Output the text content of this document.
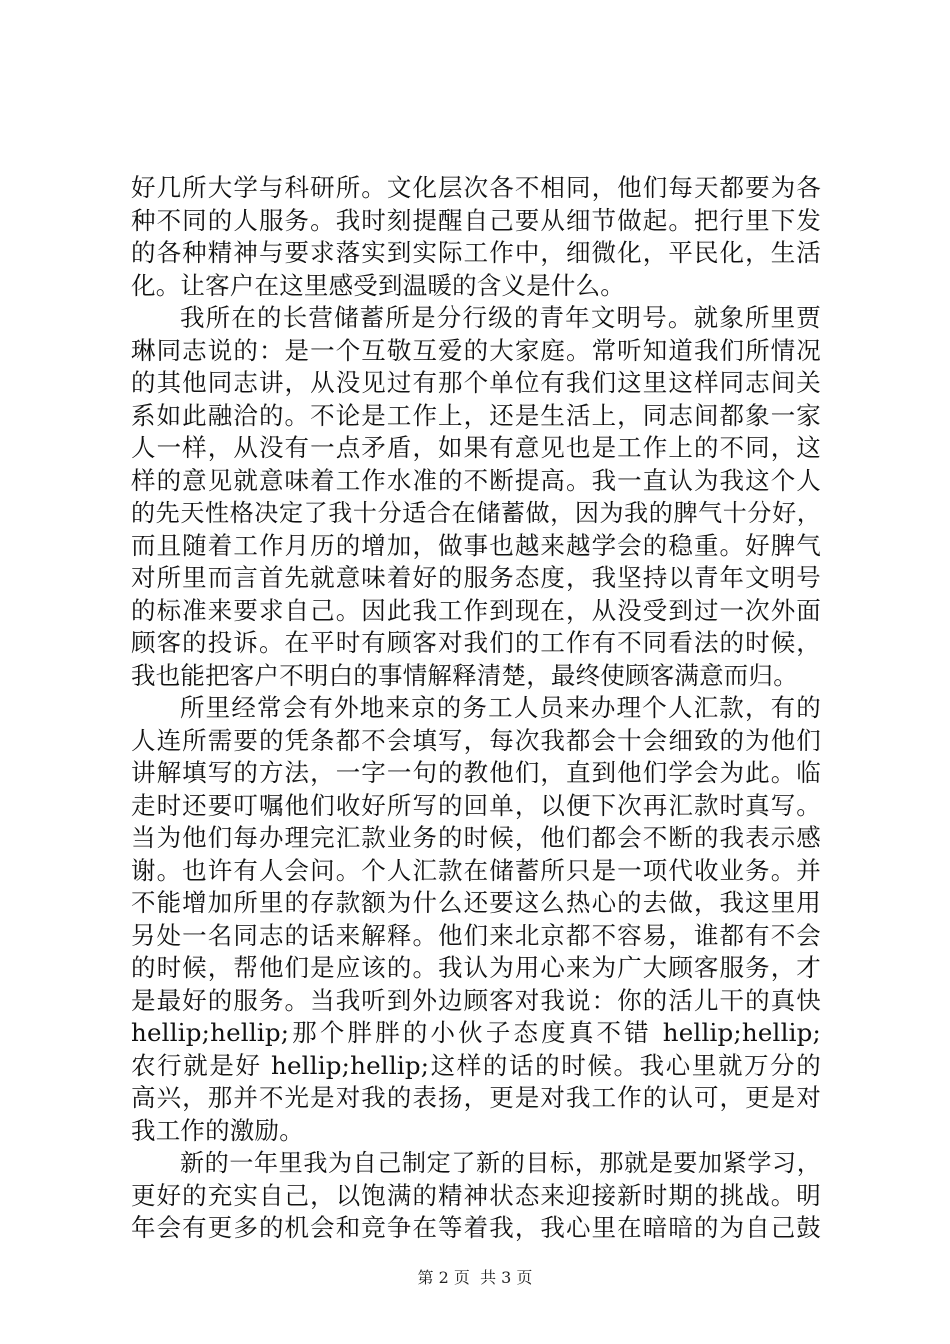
好几所大学与科研所。文化层次各不相同，他们每天都要为各
种不同的人服务。我时刻提醒自己要从细节做起。把行里下发
的各种精神与要求落实到实际工作中，细微化，平民化，生活
化。让客户在这里感受到温暖的含义是什么。
我所在的长营储蓄所是分行级的青年文明号。就象所里贾
琳同志说的：是一个互敬互爱的大家庭。常听知道我们所情况
的其他同志讲，从没见过有那个单位有我们这里这样同志间关
系如此融洽的。不论是工作上，还是生活上，同志间都象一家
人一样，从没有一点矛盾，如果有意见也是工作上的不同，这
样的意见就意味着工作水准的不断提高。我一直认为我这个人
的先天性格决定了我十分适合在储蓄做，因为我的脾气十分好，
而且随着工作月历的增加，做事也越来越学会的稳重。好脾气
对所里而言首先就意味着好的服务态度，我坚持以青年文明号
的标准来要求自己。因此我工作到现在，从没受到过一次外面
顾客的投诉。在平时有顾客对我们的工作有不同看法的时候，
我也能把客户不明白的事情解释清楚，最终使顾客满意而归。
所里经常会有外地来京的务工人员来办理个人汇款，有的
人连所需要的凭条都不会填写，每次我都会十会细致的为他们
讲解填写的方法，一字一句的教他们，直到他们学会为此。临
走时还要叮嘱他们收好所写的回单，以便下次再汇款时真写。
当为他们每办理完汇款业务的时候，他们都会不断的我表示感
谢。也许有人会问。个人汇款在储蓄所只是一项代收业务。并
不能增加所里的存款额为什么还要这么热心的去做，我这里用
另处一名同志的话来解释。他们来北京都不容易，谁都有不会
的时候，帮他们是应该的。我认为用心来为广大顾客服务，才
是最好的服务。当我听到外边顾客对我说：你的活儿干的真快
hellip;hellip;那个胖胖的小伙子态度真不错 hellip;hellip;
农行就是好 hellip;hellip;这样的话的时候。我心里就万分的
高兴，那并不光是对我的表扬，更是对我工作的认可，更是对
我工作的激励。
新的一年里我为自己制定了新的目标，那就是要加紧学习，
更好的充实自己，以饱满的精神状态来迎接新时期的挑战。明
年会有更多的机会和竞争在等着我，我心里在暗暗的为自己鼓
第 2 页  共 3 页
